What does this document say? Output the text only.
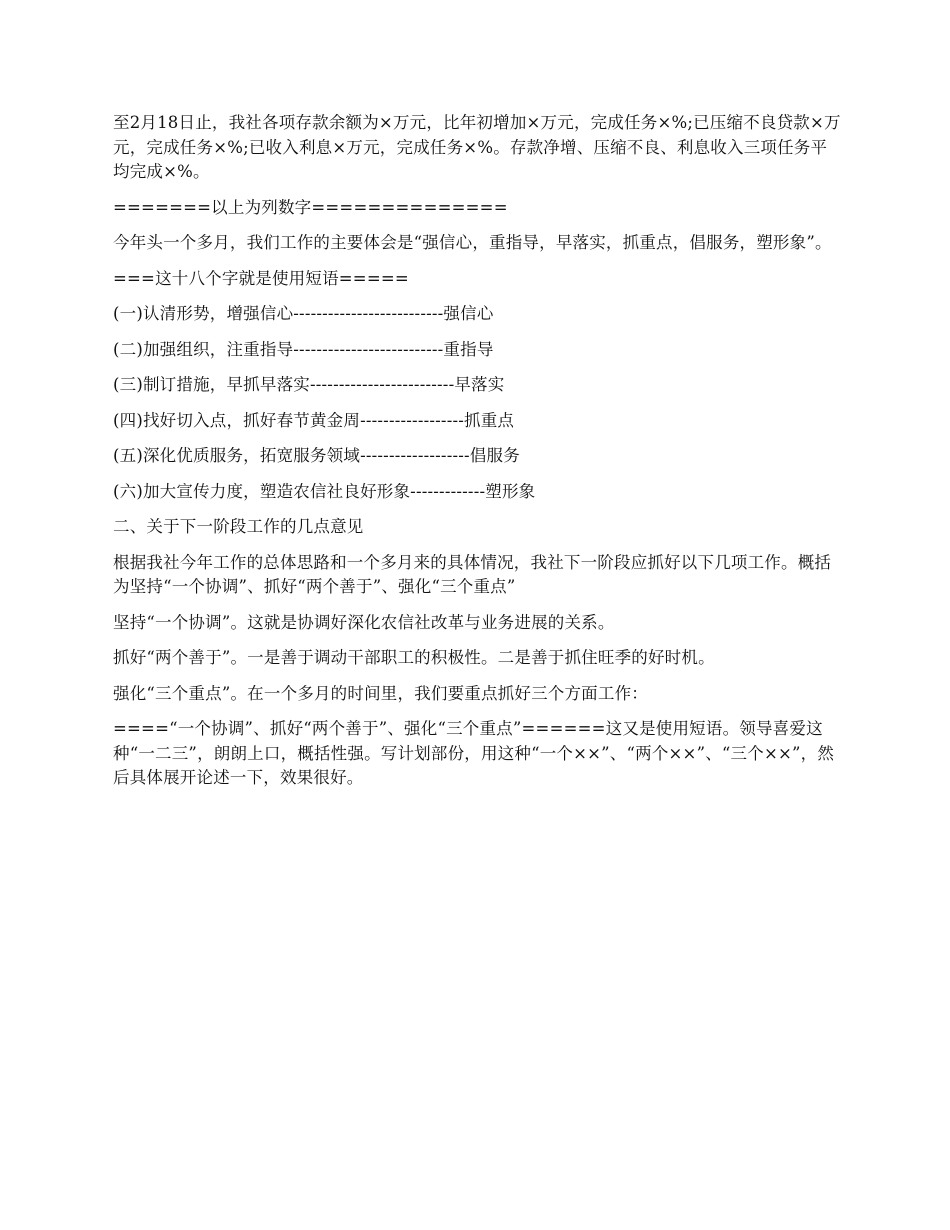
至2月18日止，我社各项存款余额为×万元，比年初增加×万元，完成任务×%;已压缩不良贷款×万元，完成任务×%;已收入利息×万元，完成任务×%。存款净增、压缩不良、利息收入三项任务平均完成×%。

=======以上为列数字==============

今年头一个多月，我们工作的主要体会是“强信心，重指导，早落实，抓重点，倡服务，塑形象”。

===这十八个字就是使用短语=====

(一)认清形势，增强信心--------------------------强信心

(二)加强组织，注重指导--------------------------重指导

(三)制订措施，早抓早落实-------------------------早落实

(四)找好切入点，抓好春节黄金周------------------抓重点

(五)深化优质服务，拓宽服务领域-------------------倡服务

(六)加大宣传力度，塑造农信社良好形象-------------塑形象

二、关于下一阶段工作的几点意见

根据我社今年工作的总体思路和一个多月来的具体情况，我社下一阶段应抓好以下几项工作。概括为坚持“一个协调”、抓好“两个善于”、强化“三个重点”

坚持“一个协调”。这就是协调好深化农信社改革与业务进展的关系。

抓好“两个善于”。一是善于调动干部职工的积极性。二是善于抓住旺季的好时机。

强化“三个重点”。在一个多月的时间里，我们要重点抓好三个方面工作：

====“一个协调”、抓好“两个善于”、强化“三个重点”======这又是使用短语。领导喜爱这种“一二三”，朗朗上口，概括性强。写计划部份，用这种“一个××”、“两个××”、“三个××”，然后具体展开论述一下，效果很好。
